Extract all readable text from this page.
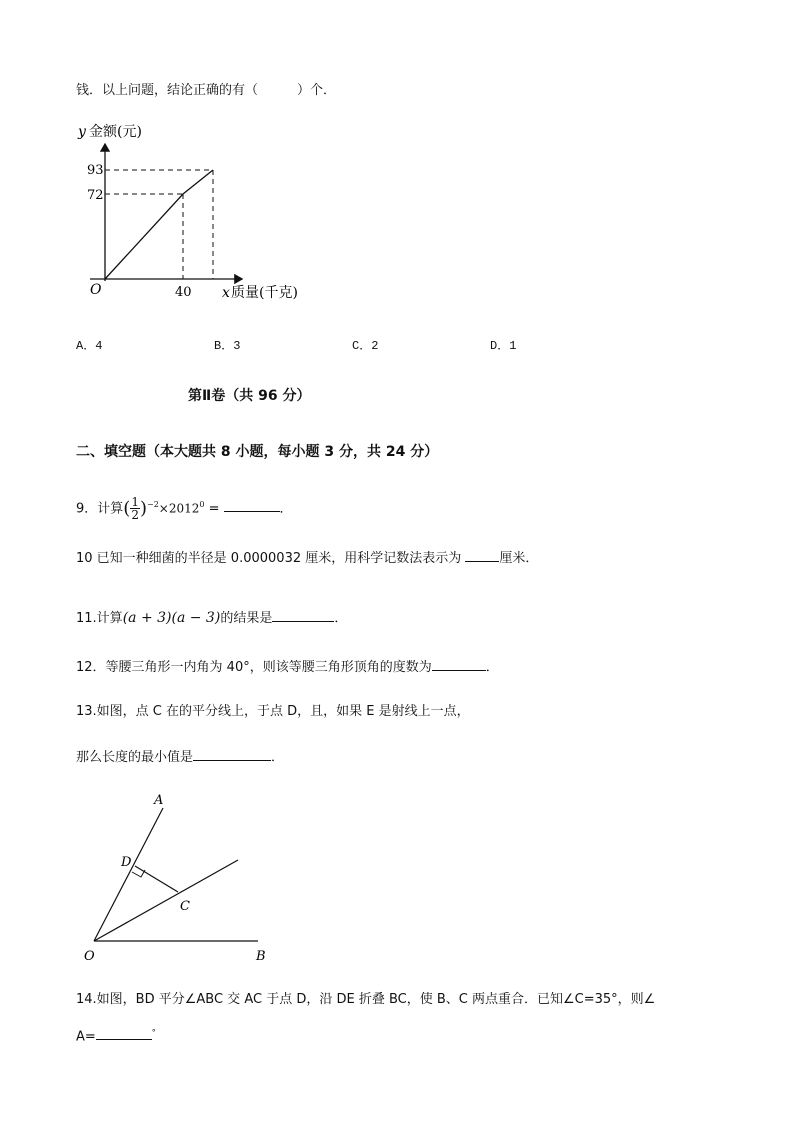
钱．以上问题，结论正确的有（　　　）个．
y 金额(元)
93
72
O	40 x 质量(千克)
A．4	B．3	C．2	D．1
第Ⅱ卷（共 96 分）
二、填空题（本大题共 8 小题，每小题 3 分，共 24 分）
9．计算( $\frac{1}{2} )^{-2}\times 2012^0$ =	．
10 已知一种细菌的半径是 0.0000032 厘米，用科学记数法表示为	厘米．
11.计算(a + 3)(a − 3)的结果是	．
12．等腰三角形一内角为 40°，则该等腰三角形顶角的度数为	．
13.如图，点 C 在的平分线上，于点 D，且，如果 E 是射线上一点，
那么长度的最小值是	．
A
D
C
O	B
14.如图，BD 平分∠ABC 交 AC 于点 D，沿 DE 折叠 BC，使 B、C 两点重合．已知∠C=35°，则∠
A=	°
